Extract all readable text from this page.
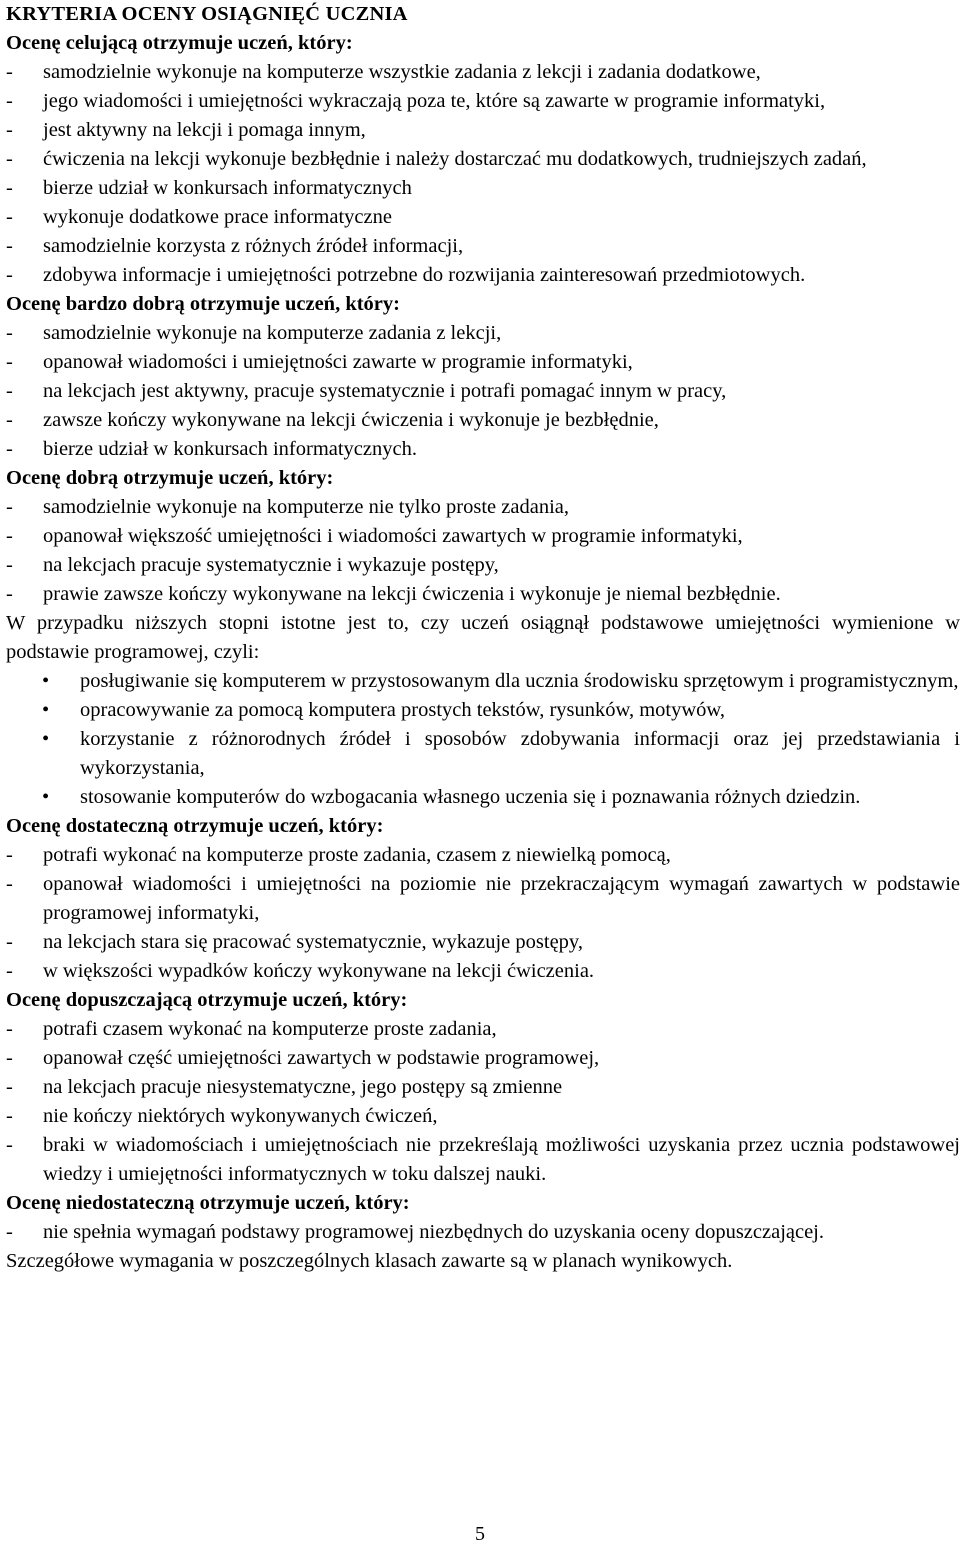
KRYTERIA OCENY OSIĄGNIĘĆ UCZNIA
Ocenę celującą otrzymuje uczeń, który:
- samodzielnie wykonuje na komputerze wszystkie zadania z lekcji i zadania dodatkowe,
- jego wiadomości i umiejętności wykraczają poza te, które są zawarte w programie informatyki,
- jest aktywny na lekcji i pomaga innym,
- ćwiczenia na lekcji wykonuje bezbłędnie i należy dostarczać mu dodatkowych, trudniejszych zadań,
- bierze udział w konkursach informatycznych
- wykonuje dodatkowe prace informatyczne
- samodzielnie korzysta z różnych źródeł informacji,
- zdobywa informacje i umiejętności potrzebne do rozwijania zainteresowań przedmiotowych.
Ocenę bardzo dobrą otrzymuje uczeń, który:
- samodzielnie wykonuje na komputerze zadania z lekcji,
- opanował wiadomości i umiejętności zawarte w programie informatyki,
- na lekcjach jest aktywny, pracuje systematycznie i potrafi pomagać innym w pracy,
- zawsze kończy wykonywane na lekcji ćwiczenia i wykonuje je bezbłędnie,
- bierze udział w konkursach informatycznych.
Ocenę dobrą otrzymuje uczeń, który:
- samodzielnie wykonuje na komputerze nie tylko proste zadania,
- opanował większość umiejętności i wiadomości zawartych w programie informatyki,
- na lekcjach pracuje systematycznie i wykazuje postępy,
- prawie zawsze kończy wykonywane na lekcji ćwiczenia i wykonuje je niemal bezbłędnie.

W przypadku niższych stopni istotne jest to, czy uczeń osiągnął podstawowe umiejętności wymienione w podstawie programowej, czyli:

• posługiwanie się komputerem w przystosowanym dla ucznia środowisku sprzętowym i programistycznym,
• opracowywanie za pomocą komputera prostych tekstów, rysunków, motywów,
• korzystanie z różnorodnych źródeł i sposobów zdobywania informacji oraz jej przedstawiania i wykorzystania,
• stosowanie komputerów do wzbogacania własnego uczenia się i poznawania różnych dziedzin.
Ocenę dostateczną otrzymuje uczeń, który:
- potrafi wykonać na komputerze proste zadania, czasem z niewielką pomocą,
- opanował wiadomości i umiejętności na poziomie nie przekraczającym wymagań zawartych w podstawie programowej informatyki,
- na lekcjach stara się pracować systematycznie, wykazuje postępy,
- w większości wypadków kończy wykonywane na lekcji ćwiczenia.
Ocenę dopuszczającą otrzymuje uczeń, który:
- potrafi czasem wykonać na komputerze proste zadania,
- opanował część umiejętności zawartych w podstawie programowej,
- na lekcjach pracuje niesystematyczne, jego postępy są zmienne
- nie kończy niektórych wykonywanych ćwiczeń,
- braki w wiadomościach i umiejętnościach nie przekreślają możliwości uzyskania przez ucznia podstawowej wiedzy i umiejętności informatycznych w toku dalszej nauki.
Ocenę niedostateczną otrzymuje uczeń, który:
- nie spełnia wymagań podstawy programowej niezbędnych do uzyskania oceny dopuszczającej.

Szczegółowe wymagania w poszczególnych klasach zawarte są w planach wynikowych.

5
